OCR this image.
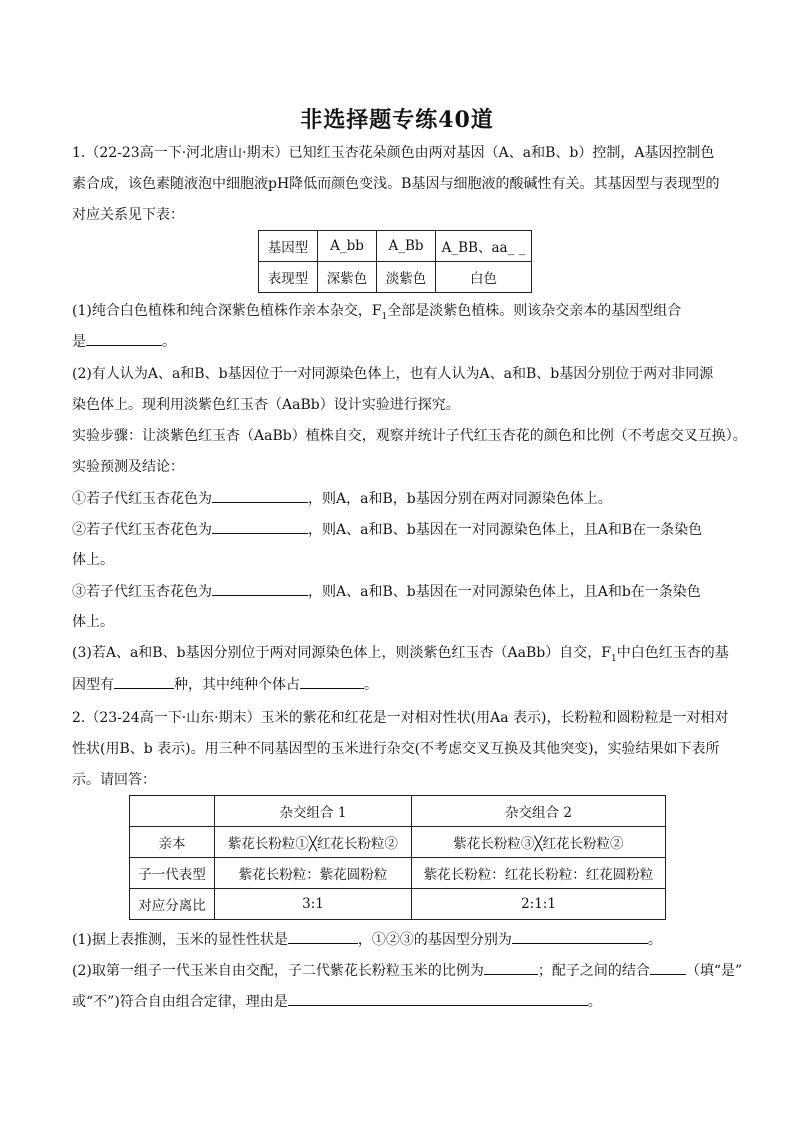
非选择题专练40道
1.（22-23高一下·河北唐山·期末）已知红玉杏花朵颜色由两对基因（A、a和B、b）控制，A基因控制色
素合成，该色素随液泡中细胞液pH降低而颜色变浅。B基因与细胞液的酸碱性有关。其基因型与表现型的
对应关系见下表：
基因型	A_bb	A_Bb	A_BB、aa_ _
表现型	深紫色	淡紫色	白色
(1)纯合白色植株和纯合深紫色植株作亲本杂交，$F_1$全部是淡紫色植株。则该杂交亲本的基因型组合
是	。
(2)有人认为A、a和B、b基因位于一对同源染色体上，也有人认为A、a和B、b基因分别位于两对非同源
染色体上。现利用淡紫色红玉杏（AaBb）设计实验进行探究。
实验步骤：让淡紫色红玉杏（AaBb）植株自交，观察并统计子代红玉杏花的颜色和比例（不考虑交叉互换）。
实验预测及结论：
①若子代红玉杏花色为	，则A，a和B，b基因分别在两对同源染色体上。
②若子代红玉杏花色为	，则A、a和B、b基因在一对同源染色体上，且A和B在一条染色
体上。
③若子代红玉杏花色为	，则A、a和B、b基因在一对同源染色体上，且A和b在一条染色
体上。
(3)若A、a和B、b基因分别位于两对同源染色体上，则淡紫色红玉杏（AaBb）自交，$F_1$中白色红玉杏的基
因型有	种，其中纯种个体占	。
2.（23-24高一下·山东·期末）玉米的紫花和红花是一对相对性状(用Aa 表示)，长粉粒和圆粉粒是一对相对
性状(用B、b 表示)。用三种不同基因型的玉米进行杂交(不考虑交叉互换及其他突变)，实验结果如下表所
示。请回答：
	杂交组合 1	杂交组合 2
亲本	紫花长粉粒①╳红花长粉粒②	紫花长粉粒③╳红花长粉粒②
子一代表型	紫花长粉粒：紫花圆粉粒	紫花长粉粒：红花长粉粒：红花圆粉粒
对应分离比	3:1	2:1:1
(1)据上表推测，玉米的显性性状是	，①②③的基因型分别为	。
(2)取第一组子一代玉米自由交配，子二代紫花长粉粒玉米的比例为	；配子之间的结合	（填“是”
或“不”)符合自由组合定律，理由是	。
